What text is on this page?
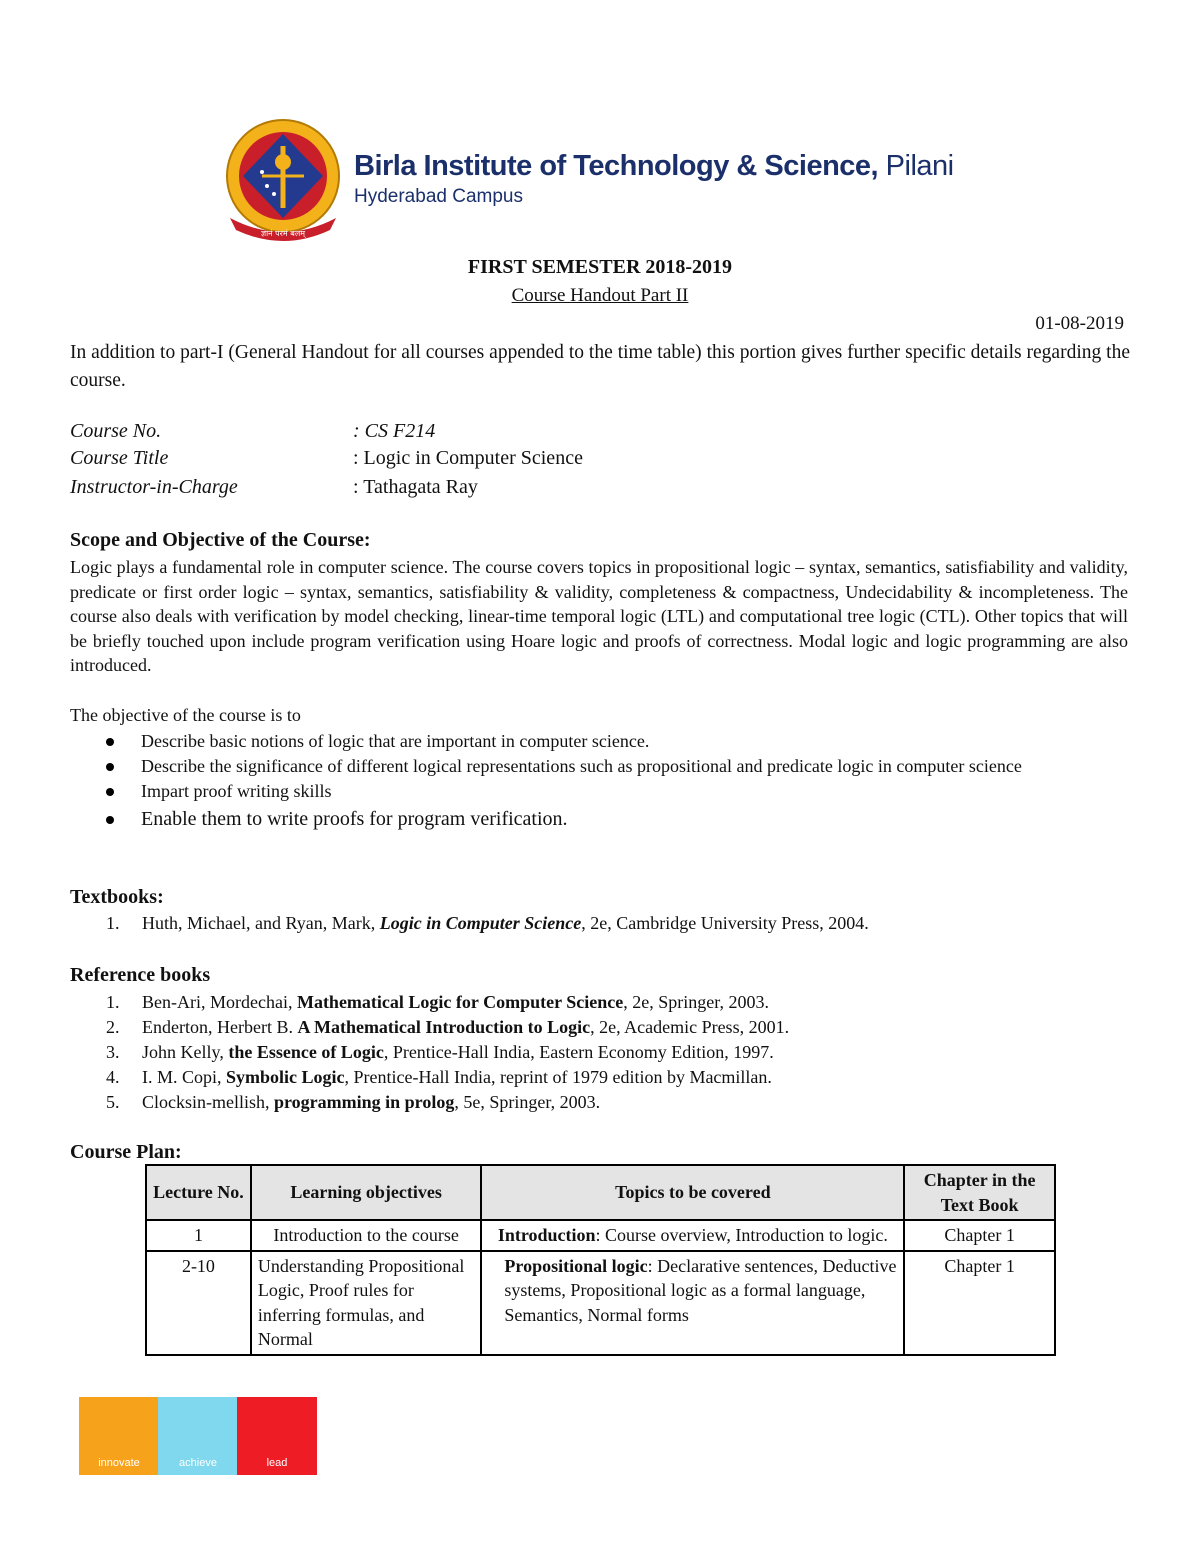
ज्ञानं परमं बलम्
Birla Institute of Technology & Science, Pilani
Hyderabad Campus
FIRST SEMESTER 2018-2019
Course Handout Part II
01-08-2019
In addition to part-I (General Handout for all courses appended to the time table) this portion gives further specific details regarding the course.
Course No.	: CS F214
Course Title	: Logic in Computer Science
Instructor-in-Charge	: Tathagata Ray
Scope and Objective of the Course:
Logic plays a fundamental role in computer science. The course covers topics in propositional logic – syntax, semantics, satisfiability and validity, predicate or first order logic – syntax, semantics, satisfiability & validity, completeness & compactness, Undecidability & incompleteness. The course also deals with verification by model checking, linear-time temporal logic (LTL) and computational tree logic (CTL). Other topics that will be briefly touched upon include program verification using Hoare logic and proofs of correctness. Modal logic and logic programming are also introduced.
The objective of the course is to
Describe basic notions of logic that are important in computer science.
Describe the significance of different logical representations such as propositional and predicate logic in computer science
Impart proof writing skills
Enable them to write proofs for program verification.
Textbooks:
1.	Huth, Michael, and Ryan, Mark, Logic in Computer Science, 2e, Cambridge University Press, 2004.
Reference books
1.	Ben-Ari, Mordechai, Mathematical Logic for Computer Science, 2e, Springer, 2003.
2.	Enderton, Herbert B. A Mathematical Introduction to Logic, 2e, Academic Press, 2001.
3.	John Kelly, the Essence of Logic, Prentice-Hall India, Eastern Economy Edition, 1997.
4.	I. M. Copi, Symbolic Logic, Prentice-Hall India, reprint of 1979 edition by Macmillan.
5.	Clocksin-mellish, programming in prolog, 5e, Springer, 2003.
Course Plan:
Lecture No.	Learning objectives	Topics to be covered	Chapter in the Text Book
1	Introduction to the course	Introduction: Course overview, Introduction to logic.	Chapter 1
2-10	Understanding Propositional Logic, Proof rules for inferring formulas, and Normal	Propositional logic: Declarative sentences, Deductive systems, Propositional logic as a formal language, Semantics, Normal forms	Chapter 1
innovate	achieve	lead
